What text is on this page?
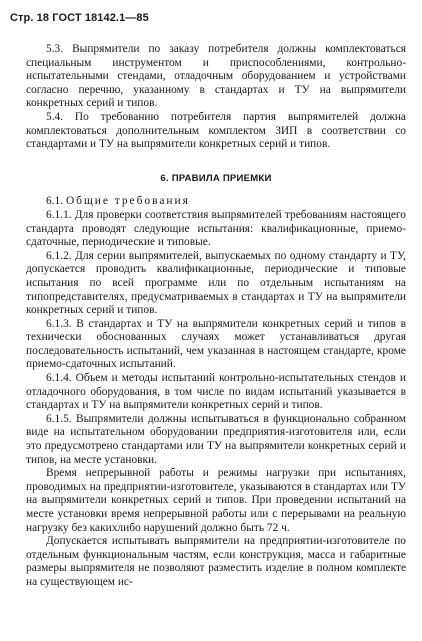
Стр. 18 ГОСТ 18142.1—85

5.3. Выпрямители по заказу потребителя должны комплектоваться специальным инструментом и приспособлениями, контрольно-испытательными стендами, отладочным оборудованием и устройствами согласно перечню, указанному в стандартах и ТУ на выпрямители конкретных серий и типов.

5.4. По требованию потребителя партия выпрямителей должна комплектоваться дополнительным комплектом ЗИП в соответствии со стандартами и ТУ на выпрямители конкретных серий и типов.

6. ПРАВИЛА ПРИЕМКИ

6.1. Общие требования

6.1.1. Для проверки соответствия выпрямителей требованиям настоящего стандарта проводят следующие испытания: квалификационные, приемо-сдаточные, периодические и типовые.

6.1.2. Для серии выпрямителей, выпускаемых по одному стандарту и ТУ, допускается проводить квалификационные, периодические и типовые испытания по всей программе или по отдельным испытаниям на типопредставителях, предусматриваемых в стандартах и ТУ на выпрямители конкретных серий и типов.

6.1.3. В стандартах и ТУ на выпрямители конкретных серий и типов в технически обоснованных случаях может устанавливаться другая последовательность испытаний, чем указанная в настоящем стандарте, кроме приемо-сдаточных испытаний.

6.1.4. Объем и методы испытаний контрольно-испытательных стендов и отладочного оборудования, в том числе по видам испытаний указывается в стандартах и ТУ на выпрямители конкретных серий и типов.

6.1.5. Выпрямители должны испытываться в функционально собранном виде на испытательном оборудовании предприятия-изготовителя или, если это предусмотрено стандартами или ТУ на выпрямители конкретных серий и типов, на месте установки.

Время непрерывной работы и режимы нагрузки при испытаниях, проводимых на предприятии-изготовителе, указываются в стандартах или ТУ на выпрямители конкретных серий и типов. При проведении испытаний на месте установки время непрерывной работы или с перерывами на реальную нагрузку без какихлибо нарушений должно быть 72 ч.

Допускается испытывать выпрямители на предприятии-изготовителе по отдельным функциональным частям, если конструкция, масса и габаритные размеры выпрямителя не позволяют разместить изделие в полном комплекте на существующем ис-
